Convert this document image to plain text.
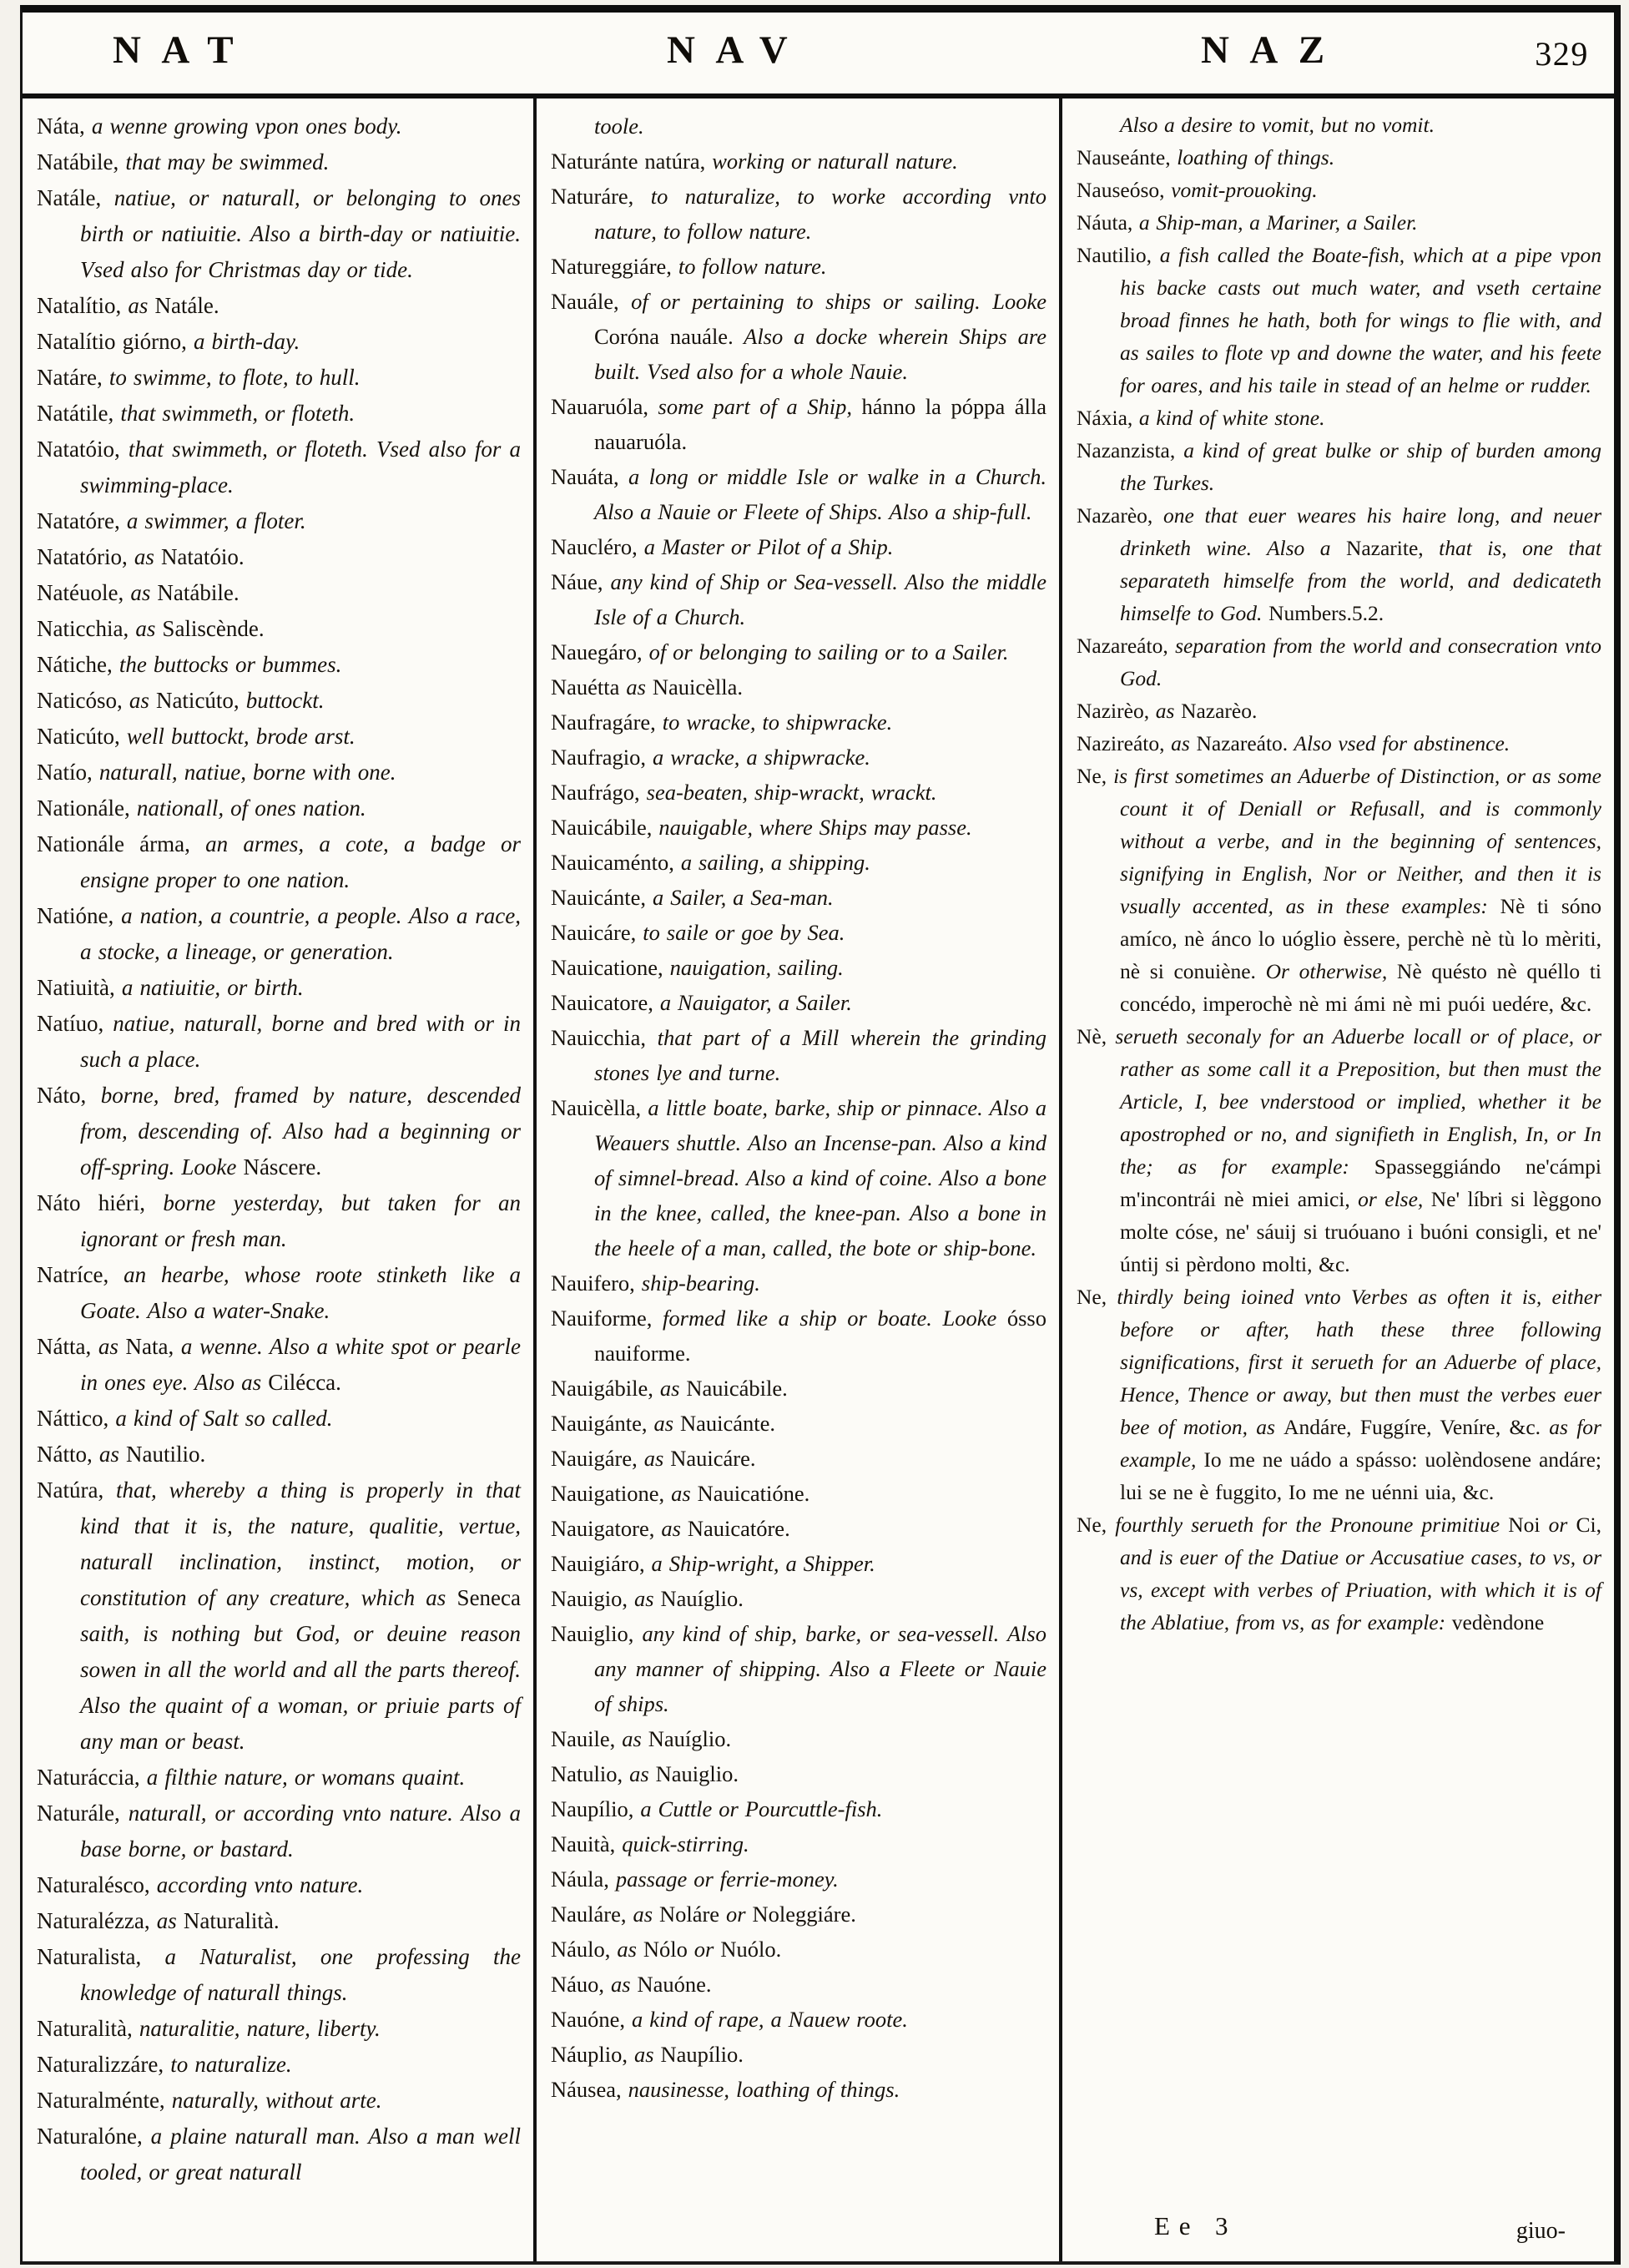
NAT	NAV	NAZ	329
Náta, a wenne growing vpon ones body.
Natábile, that may be swimmed.
Natále, natiue, or naturall, or belonging to ones birth or natiuitie. Also a birth-day or natiuitie. Vsed also for Christmas day or tide.
Natalítio, as Natále.
Natalítio giórno, a birth-day.
Natáre, to swimme, to flote, to hull.
Natátile, that swimmeth, or floteth.
Natatóio, that swimmeth, or floteth. Vsed also for a swimming-place.
Natatóre, a swimmer, a floter.
Natatório, as Natatóio.
Natéuole, as Natábile.
Naticchia, as Saliscènde.
Nátiche, the buttocks or bummes.
Naticóso, as Naticúto, buttockt.
Naticúto, well buttockt, brode arst.
Natío, naturall, natiue, borne with one.
Nationále, nationall, of ones nation.
Nationále árma, an armes, a cote, a badge or ensigne proper to one nation.
Natióne, a nation, a countrie, a people. Also a race, a stocke, a lineage, or generation.
Natiuità, a natiuitie, or birth.
Natíuo, natiue, naturall, borne and bred with or in such a place.
Náto, borne, bred, framed by nature, descended from, descending of. Also had a beginning or off-spring. Looke Náscere.
Náto hiéri, borne yesterday, but taken for an ignorant or fresh man.
Natríce, an hearbe, whose roote stinketh like a Goate. Also a water-Snake.
Nátta, as Nata, a wenne. Also a white spot or pearle in ones eye. Also as Cilécca.
Náttico, a kind of Salt so called.
Nátto, as Nautilio.
Natúra, that, whereby a thing is properly in that kind that it is, the nature, qualitie, vertue, naturall inclination, instinct, motion, or constitution of any creature, which as Seneca saith, is nothing but God, or deuine reason sowen in all the world and all the parts thereof. Also the quaint of a woman, or priuie parts of any man or beast.
Naturáccia, a filthie nature, or womans quaint.
Naturále, naturall, or according vnto nature. Also a base borne, or bastard.
Naturalésco, according vnto nature.
Naturalézza, as Naturalità.
Naturalista, a Naturalist, one professing the knowledge of naturall things.
Naturalità, naturalitie, nature, liberty.
Naturalizzáre, to naturalize.
Naturalménte, naturally, without arte.
Naturalóne, a plaine naturall man. Also a man well tooled, or great naturall
toole.
Naturánte natúra, working or naturall nature.
Naturáre, to naturalize, to worke according vnto nature, to follow nature.
Natureggiáre, to follow nature.
Nauále, of or pertaining to ships or sailing. Looke Coróna nauále. Also a docke wherein Ships are built. Vsed also for a whole Nauie.
Nauaruóla, some part of a Ship, hánno la póppa álla nauaruóla.
Nauáta, a long or middle Isle or walke in a Church. Also a Nauie or Fleete of Ships. Also a ship-full.
Naucléro, a Master or Pilot of a Ship.
Náue, any kind of Ship or Sea-vessell. Also the middle Isle of a Church.
Nauegáro, of or belonging to sailing or to a Sailer.
Nauétta as Nauicèlla.
Naufragáre, to wracke, to shipwracke.
Naufragio, a wracke, a shipwracke.
Naufrágo, sea-beaten, ship-wrackt, wrackt.
Nauicábile, nauigable, where Ships may passe.
Nauicaménto, a sailing, a shipping.
Nauicánte, a Sailer, a Sea-man.
Nauicáre, to saile or goe by Sea.
Nauicatione, nauigation, sailing.
Nauicatore, a Nauigator, a Sailer.
Nauicchia, that part of a Mill wherein the grinding stones lye and turne.
Nauicèlla, a little boate, barke, ship or pinnace. Also a Weauers shuttle. Also an Incense-pan. Also a kind of simnel-bread. Also a kind of coine. Also a bone in the knee, called, the knee-pan. Also a bone in the heele of a man, called, the bote or ship-bone.
Nauifero, ship-bearing.
Nauiforme, formed like a ship or boate. Looke ósso nauiforme.
Nauigábile, as Nauicábile.
Nauigánte, as Nauicánte.
Nauigáre, as Nauicáre.
Nauigatione, as Nauicatióne.
Nauigatore, as Nauicatóre.
Nauigiáro, a Ship-wright, a Shipper.
Nauigio, as Nauíglio.
Nauiglio, any kind of ship, barke, or sea-vessell. Also any manner of shipping. Also a Fleete or Nauie of ships.
Nauile, as Nauíglio.
Natulio, as Nauiglio.
Naupílio, a Cuttle or Pourcuttle-fish.
Nauità, quick-stirring.
Náula, passage or ferrie-money.
Nauláre, as Noláre or Noleggiáre.
Náulo, as Nólo or Nuólo.
Náuo, as Nauóne.
Nauóne, a kind of rape, a Nauew roote.
Náuplio, as Naupílio.
Náusea, nausinesse, loathing of things.
Also a desire to vomit, but no vomit.
Nauseánte, loathing of things.
Nauseóso, vomit-prouoking.
Náuta, a Ship-man, a Mariner, a Sailer.
Nautilio, a fish called the Boate-fish, which at a pipe vpon his backe casts out much water, and vseth certaine broad finnes he hath, both for wings to flie with, and as sailes to flote vp and downe the water, and his feete for oares, and his taile in stead of an helme or rudder.
Náxia, a kind of white stone.
Nazanzista, a kind of great bulke or ship of burden among the Turkes.
Nazarèo, one that euer weares his haire long, and neuer drinketh wine. Also a Nazarite, that is, one that separateth himselfe from the world, and dedicateth himselfe to God. Numbers.5.2.
Nazareáto, separation from the world and consecration vnto God.
Nazirèo, as Nazarèo.
Nazireáto, as Nazareáto. Also vsed for abstinence.
Ne, is first sometimes an Aduerbe of Distinction, or as some count it of Deniall or Refusall, and is commonly without a verbe, and in the beginning of sentences, signifying in English, Nor or Neither, and then it is vsually accented, as in these examples: Nè ti sóno amíco, nè ánco lo uóglio èssere, perchè nè tù lo mèriti, nè si conuiène. Or otherwise, Nè quésto nè quéllo ti concédo, imperochè nè mi ámi nè mi puói uedére, &c.
Nè, serueth seconaly for an Aduerbe locall or of place, or rather as some call it a Preposition, but then must the Article, I, bee vnderstood or implied, whether it be apostrophed or no, and signifieth in English, In, or In the; as for example: Spasseggiándo ne'cámpi m'incontrái nè miei amici, or else, Ne' líbri si lèggono molte cóse, ne' sáuij si truóuano i buóni consigli, et ne' úntij si pèrdono molti, &c.
Ne, thirdly being ioined vnto Verbes as often it is, either before or after, hath these three following significations, first it serueth for an Aduerbe of place, Hence, Thence or away, but then must the verbes euer bee of motion, as Andáre, Fuggíre, Veníre, &c. as for example, Io me ne uádo a spásso: uolèndosene andáre; lui se ne è fuggito, Io me ne uénni uia, &c.
Ne, fourthly serueth for the Pronoune primitiue Noi or Ci, and is euer of the Datiue or Accusatiue cases, to vs, or vs, except with verbes of Priuation, with which it is of the Ablatiue, from vs, as for example: vedèndone
Ee 3	giuo-
